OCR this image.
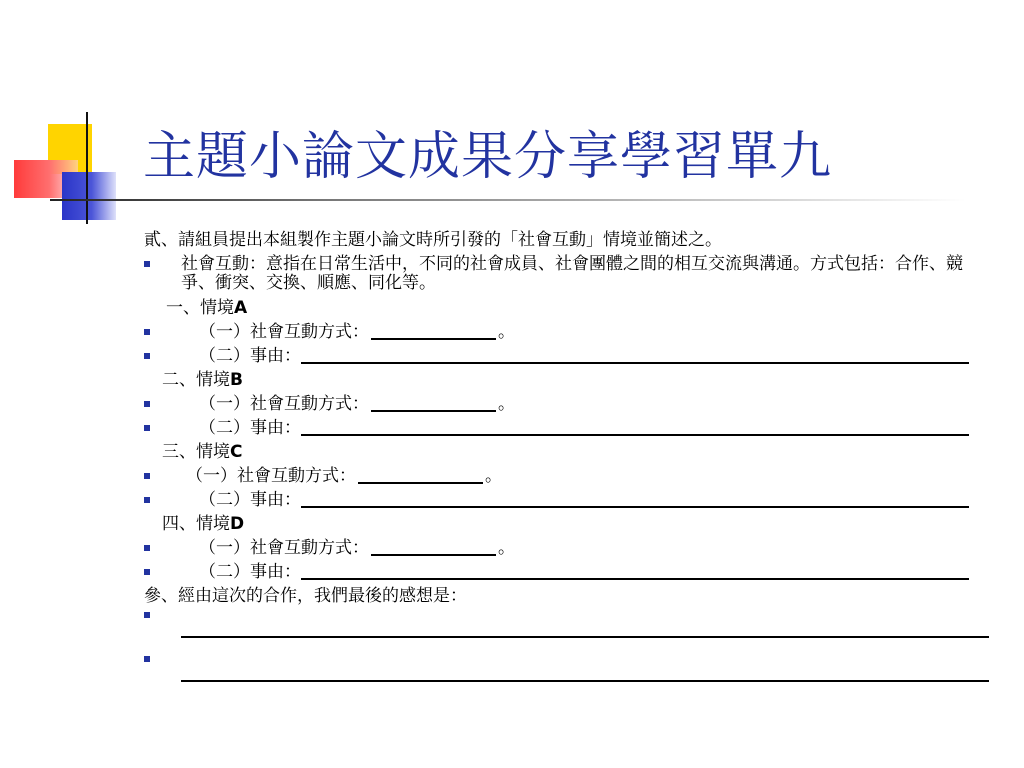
主題小論文成果分享學習單九
貳、請組員提出本組製作主題小論文時所引發的「社會互動」情境並簡述之。
社會互動：意指在日常生活中，不同的社會成員、社會團體之間的相互交流與溝通。方式包括：合作、競爭、衝突、交換、順應、同化等。
一、情境A
（一）社會互動方式：	。
（二）事由：
二、情境B
（一）社會互動方式：	。
（二）事由：
三、情境C
（一）社會互動方式：	。
（二）事由：
四、情境D
（一）社會互動方式：	。
（二）事由：
參、經由這次的合作，我們最後的感想是：
